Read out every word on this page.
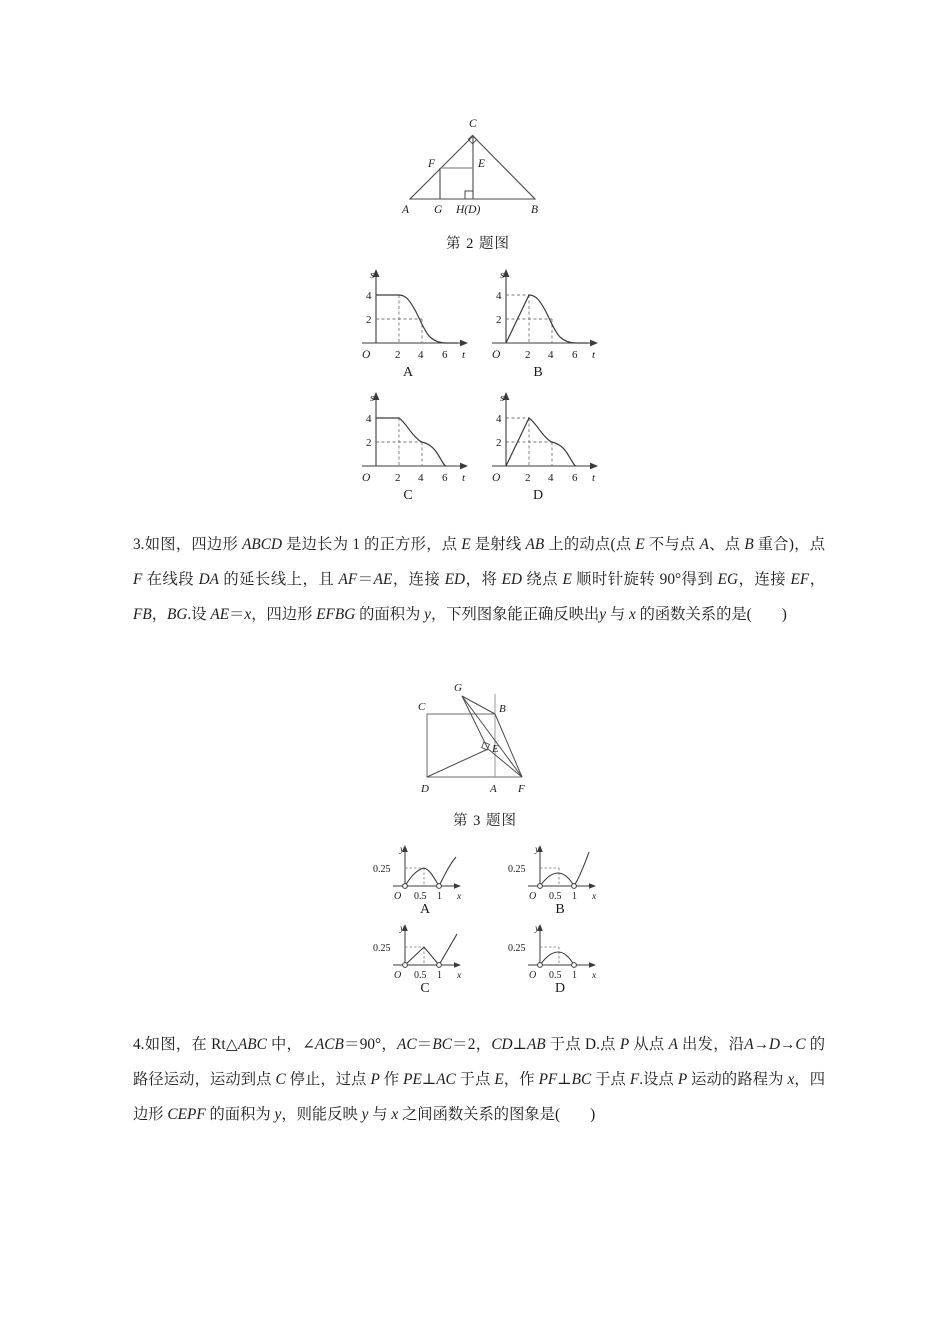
C
F	E
A G H(D)	B
第 2 题图
s
t
O
4
2
2 4 6
A
s
t
O
4
2
2 4 6
B
s
t
O
4
2
2 4 6
C
s
t
O
4
2
2 4 6
D
3.如图，四边形 ABCD 是边长为 1 的正方形，点 E 是射线 AB 上的动点(点 E 不与点 A、点 B 重合)，点 F 在线段 DA 的延长线上，且 AF＝AE，连接 ED，将 ED 绕点 E 顺时针旋转 90°得到 EG，连接 EF，FB，BG.设 AE＝x，四边形 EFBG 的面积为 y，下列图象能正确反映出y 与 x 的函数关系的是( )
G
C	B
E
D	A F
第 3 题图
y
x
O
0.25
0.5 1
A
y
x
O
0.25
0.5 1
B
y
x
O
0.25
0.5 1
C
y
x
O
0.25
0.5 1
D
4.如图，在 Rt△ABC 中，∠ACB＝90°，AC＝BC＝2，CD⊥AB 于点 D.点 P 从点 A 出发，沿A→D→C 的路径运动，运动到点 C 停止，过点 P 作 PE⊥AC 于点 E，作 PF⊥BC 于点 F.设点 P 运动的路程为 x，四边形 CEPF 的面积为 y，则能反映 y 与 x 之间函数关系的图象是( )
